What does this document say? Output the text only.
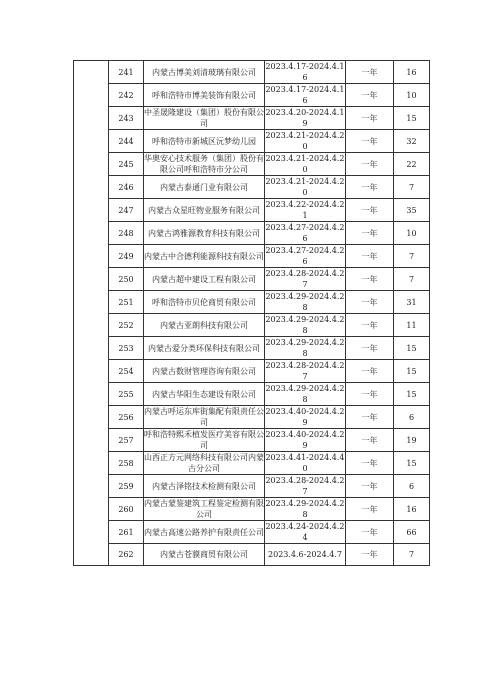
	241	内蒙古博美刘清玻璃有限公司	2023.4.17-2024.4.16	一年	16
	242	呼和浩特市博美装饰有限公司	2023.4.17-2024.4.16	一年	10
	243	中圣晟隆建设（集团）股份有限公司	2023.4.20-2024.4.19	一年	15
	244	呼和浩特市新城区沅梦幼儿园	2023.4.21-2024.4.20	一年	32
	245	华奥安心技术服务（集团）股份有限公司呼和浩特市分公司	2023.4.21-2024.4.20	一年	22
	246	内蒙古泰通门业有限公司	2023.4.21-2024.4.20	一年	7
	247	内蒙古众星旺物业服务有限公司	2023.4.22-2024.4.21	一年	35
	248	内蒙古鸿雅源教育科技有限公司	2023.4.27-2024.4.26	一年	10
	249	内蒙古中合德利能源科技有限公司	2023.4.27-2024.4.26	一年	7
	250	内蒙古超中建设工程有限公司	2023.4.28-2024.4.27	一年	7
	251	呼和浩特市贝伦商贸有限公司	2023.4.29-2024.4.28	一年	31
	252	内蒙古亚朗科技有限公司	2023.4.29-2024.4.28	一年	11
	253	内蒙古爱分类环保科技有限公司	2023.4.29-2024.4.28	一年	15
	254	内蒙古数财管理咨询有限公司	2023.4.28-2024.4.27	一年	15
	255	内蒙古华阳生态建设有限公司	2023.4.29-2024.4.28	一年	15
	256	内蒙古呼运东库街集配有限责任公司	2023.4.40-2024.4.29	一年	6
	257	呼和浩特熙禾植发医疗美容有限公司	2023.4.40-2024.4.29	一年	19
	258	山西正方元网络科技有限公司内蒙古分公司	2023.4.41-2024.4.40	一年	15
	259	内蒙古泽铭技术检测有限公司	2023.4.28-2024.4.27	一年	6
	260	内蒙古蒙鉴建筑工程鉴定检测有限公司	2023.4.29-2024.4.28	一年	16
	261	内蒙古高速公路养护有限责任公司	2023.4.24-2024.4.24	一年	66
	262	内蒙古苍貘商贸有限公司	2023.4.6-2024.4.7	一年	7
